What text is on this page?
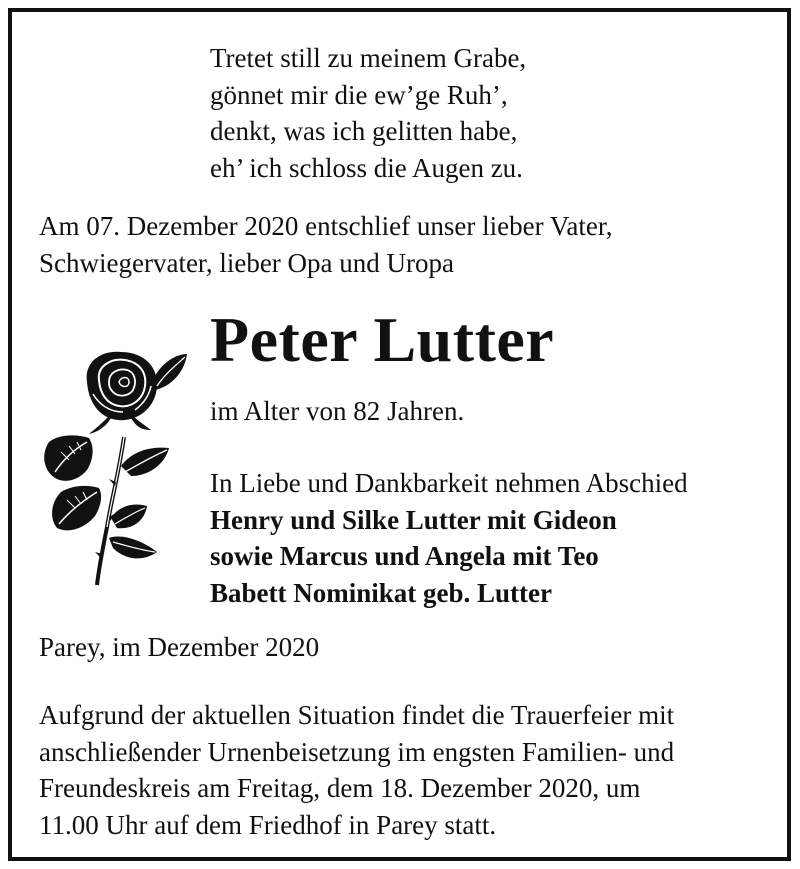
Tretet still zu meinem Grabe,
gönnet mir die ew’ge Ruh’,
denkt, was ich gelitten habe,
eh’ ich schloss die Augen zu.
Am 07. Dezember 2020 entschlief unser lieber Vater,
Schwiegervater, lieber Opa und Uropa
Peter Lutter
im Alter von 82 Jahren.
In Liebe und Dankbarkeit nehmen Abschied
Henry und Silke Lutter mit Gideon
sowie Marcus und Angela mit Teo
Babett Nominikat geb. Lutter
Parey, im Dezember 2020
Aufgrund der aktuellen Situation findet die Trauerfeier mit
anschließender Urnenbeisetzung im engsten Familien- und
Freundeskreis am Freitag, dem 18. Dezember 2020, um
11.00 Uhr auf dem Friedhof in Parey statt.
